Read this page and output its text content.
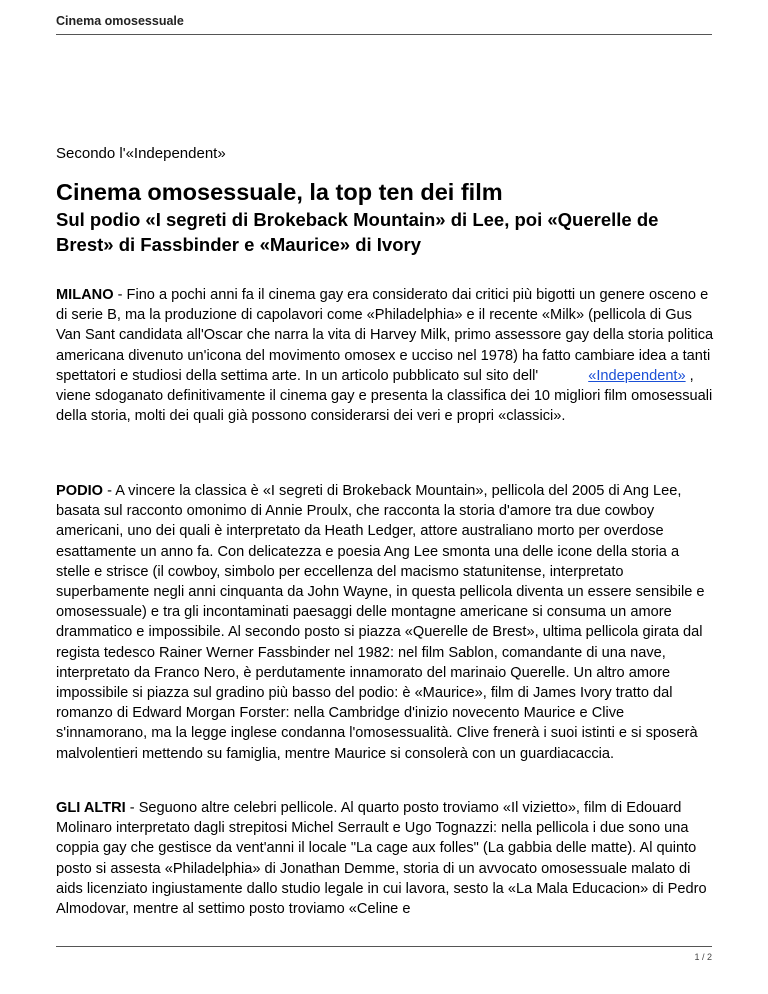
Cinema omosessuale
Secondo l'«Independent»
Cinema omosessuale, la top ten dei film
Sul podio «I segreti di Brokeback Mountain» di Lee, poi «Querelle de Brest» di Fassbinder e «Maurice» di Ivory

MILANO - Fino a pochi anni fa il cinema gay era considerato dai critici più bigotti un genere osceno e di serie B, ma la produzione di capolavori come «Philadelphia» e il recente «Milk» (pellicola di Gus Van Sant candidata all'Oscar che narra la vita di Harvey Milk, primo assessore gay della storia politica americana divenuto un'icona del movimento omosex e ucciso nel 1978) ha fatto cambiare idea a tanti spettatori e studiosi della settima arte. In un articolo pubblicato sul sito dell'	«Independent» , viene sdoganato definitivamente il cinema gay e presenta la classifica dei 10 migliori film omosessuali della storia, molti dei quali già possono considerarsi dei veri e propri «classici».

PODIO - A vincere la classica è «I segreti di Brokeback Mountain», pellicola del 2005 di Ang Lee, basata sul racconto omonimo di Annie Proulx, che racconta la storia d'amore tra due cowboy americani, uno dei quali è interpretato da Heath Ledger, attore australiano morto per overdose esattamente un anno fa. Con delicatezza e poesia Ang Lee smonta una delle icone della storia a stelle e strisce (il cowboy, simbolo per eccellenza del macismo statunitense, interpretato superbamente negli anni cinquanta da John Wayne, in questa pellicola diventa un essere sensibile e omosessuale) e tra gli incontaminati paesaggi delle montagne americane si consuma un amore drammatico e impossibile. Al secondo posto si piazza «Querelle de Brest», ultima pellicola girata dal regista tedesco Rainer Werner Fassbinder nel 1982: nel film Sablon, comandante di una nave, interpretato da Franco Nero, è perdutamente innamorato del marinaio Querelle. Un altro amore impossibile si piazza sul gradino più basso del podio: è «Maurice», film di James Ivory tratto dal romanzo di Edward Morgan Forster: nella Cambridge d'inizio novecento Maurice e Clive s'innamorano, ma la legge inglese condanna l'omosessualità. Clive frenerà i suoi istinti e si sposerà malvolentieri mettendo su famiglia, mentre Maurice si consolerà con un guardiacaccia.

GLI ALTRI - Seguono altre celebri pellicole. Al quarto posto troviamo «Il vizietto», film di Edouard Molinaro interpretato dagli strepitosi Michel Serrault e Ugo Tognazzi: nella pellicola i due sono una coppia gay che gestisce da vent'anni il locale "La cage aux folles" (La gabbia delle matte). Al quinto posto si assesta «Philadelphia» di Jonathan Demme, storia di un avvocato omosessuale malato di aids licenziato ingiustamente dallo studio legale in cui lavora, sesto la «La Mala Educacion» di Pedro Almodovar, mentre al settimo posto troviamo «Celine e

1 / 2
